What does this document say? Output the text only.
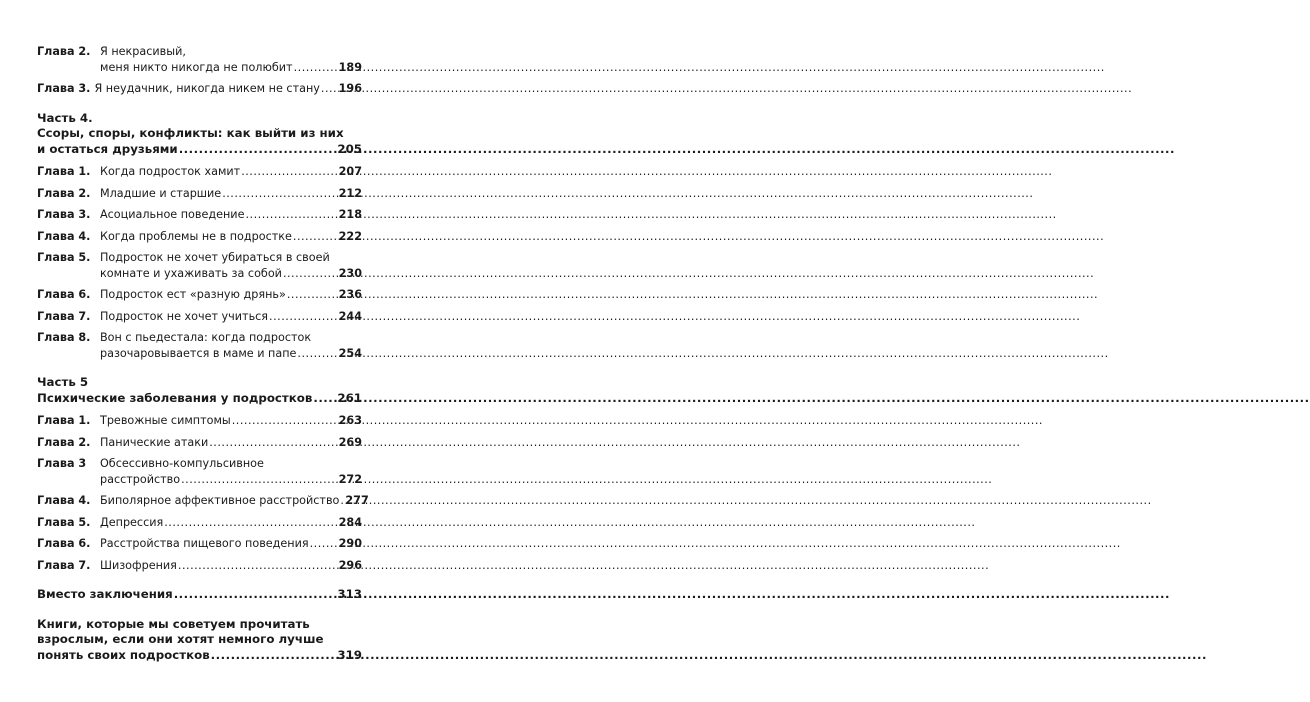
Глава 2. Я некрасивый,
меня никто никогда не полюбит .....	189
Глава 3. Я неудачник, никогда никем не стану ..... 196
Часть 4.
Ссоры, споры, конфликты: как выйти из них
и остаться друзьями .....	205
Глава 1. Когда подросток хамит .....	207
Глава 2. Младшие и старшие .....	212
Глава 3. Асоциальное поведение .....	218
Глава 4. Когда проблемы не в подростке .....	222
Глава 5. Подросток не хочет убираться в своей
комнате и ухаживать за собой .....	230
Глава 6. Подросток ест «разную дрянь» .....	236
Глава 7. Подросток не хочет учиться .....	244
Глава 8. Вон с пьедестала: когда подросток
разочаровывается в маме и папе .....	254
Часть 5
Психические заболевания у подростков ..... 261
Глава 1. Тревожные симптомы .....	263
Глава 2. Панические атаки .....	269
Глава 3	Обсессивно-компульсивное
расстройство .....	272
Глава 4. Биполярное аффективное расстройство ..... 277
Глава 5. Депрессия .....	284
Глава 6. Расстройства пищевого поведения .....	290
Глава 7. Шизофрения .....	296
Вместо заключения .....	313
Книги, которые мы советуем прочитать
взрослым, если они хотят немного лучше
понять своих подростков .....	319
